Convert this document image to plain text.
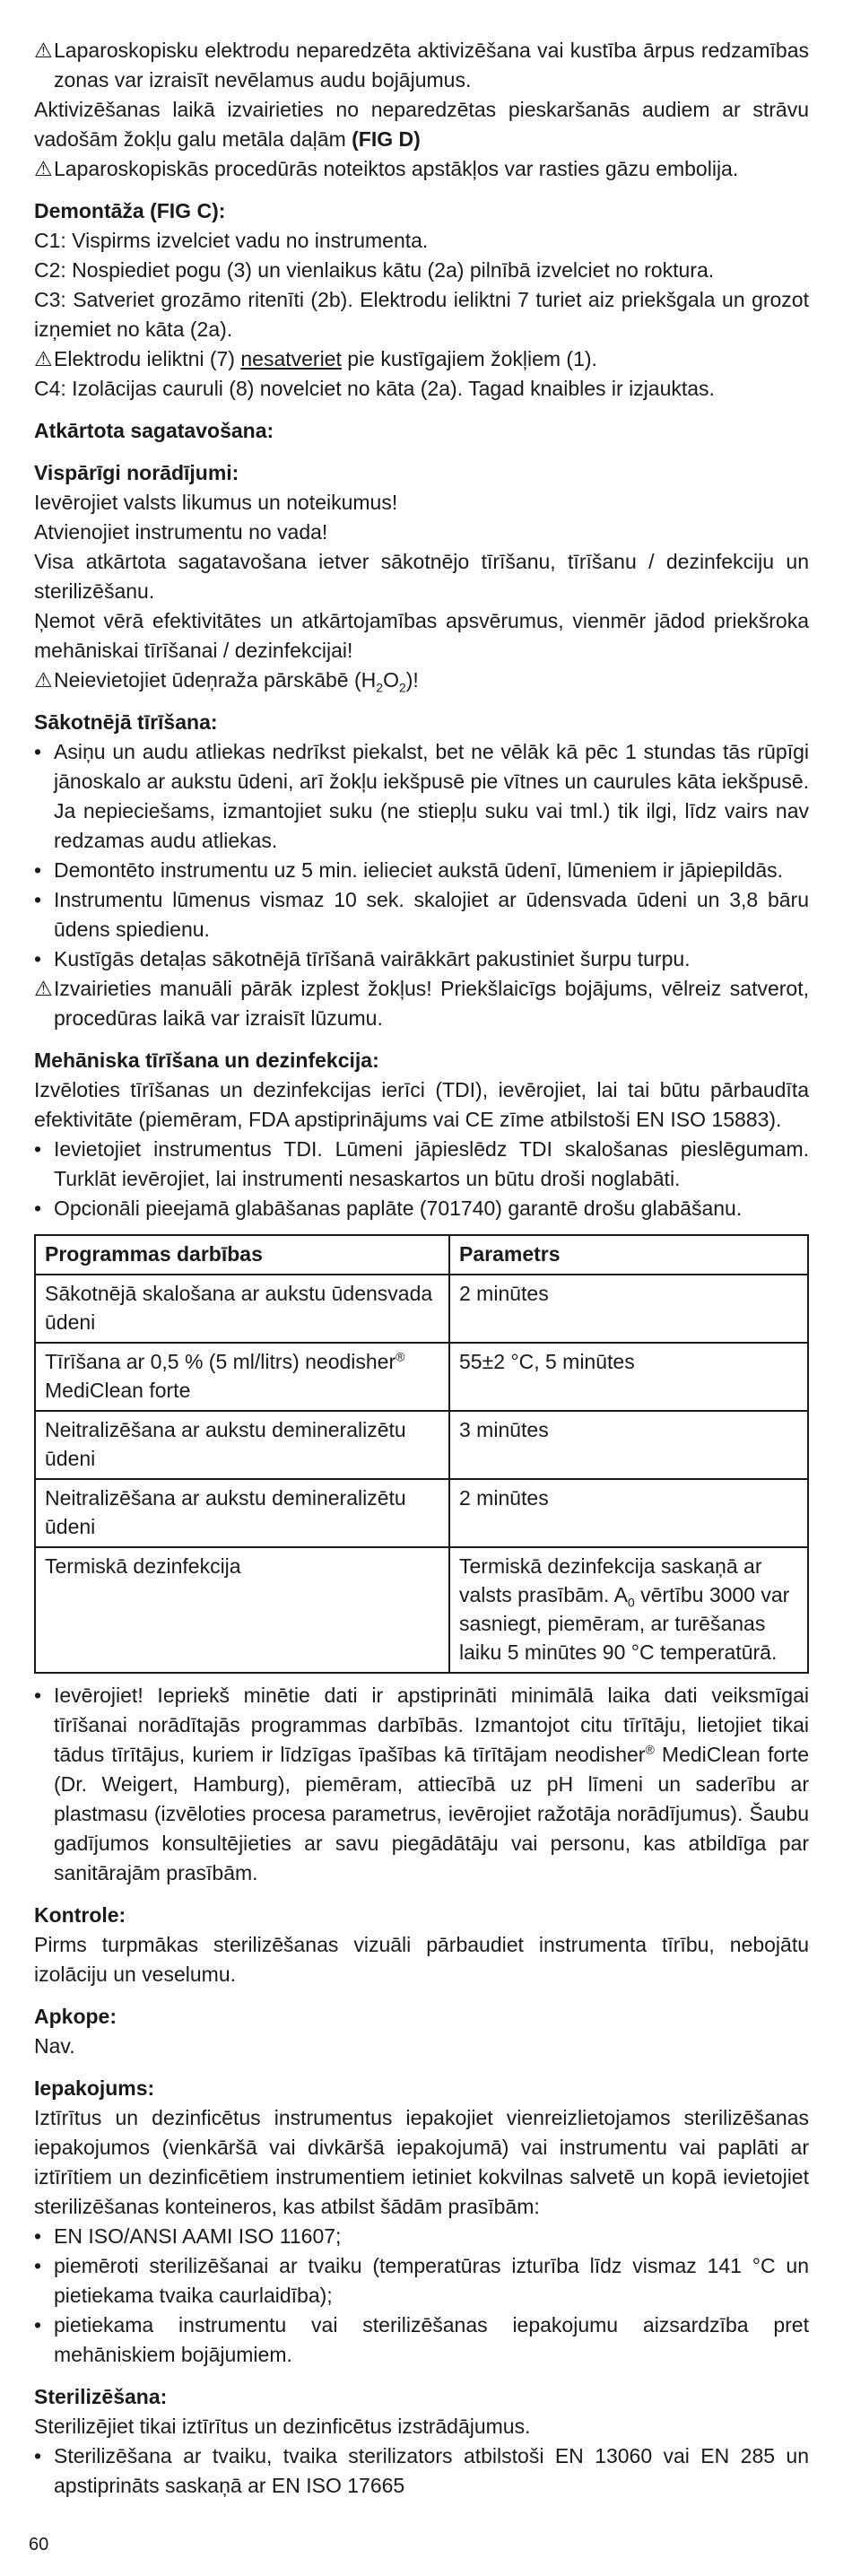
⚠Laparoskopisku elektrodu neparedzēta aktivizēšana vai kustība ārpus redzamības zonas var izraisīt nevēlamus audu bojājumus.

Aktivizēšanas laikā izvairieties no neparedzētas pieskaršanās audiem ar strāvu vadošām žokļu galu metāla daļām (FIG D)

⚠Laparoskopiskās procedūrās noteiktos apstākļos var rasties gāzu embolija.

Demontāža (FIG C):

C1: Vispirms izvelciet vadu no instrumenta.

C2: Nospiediet pogu (3) un vienlaikus kātu (2a) pilnībā izvelciet no roktura.

C3: Satveriet grozāmo ritenīti (2b). Elektrodu ieliktni 7 turiet aiz priekšgala un grozot izņemiet no kāta (2a).

⚠Elektrodu ieliktni (7) nesatveriet pie kustīgajiem žokļiem (1).

C4: Izolācijas cauruli (8) novelciet no kāta (2a). Tagad knaibles ir izjauktas.

Atkārtota sagatavošana:

Vispārīgi norādījumi:

Ievērojiet valsts likumus un noteikumus!

Atvienojiet instrumentu no vada!

Visa atkārtota sagatavošana ietver sākotnējo tīrīšanu, tīrīšanu / dezinfekciju un sterilizēšanu.

Ņemot vērā efektivitātes un atkārtojamības apsvērumus, vienmēr jādod priekšroka mehāniskai tīrīšanai / dezinfekcijai!

⚠Neievietojiet ūdeņraža pārskābē $(H_2O_2)$!

Sākotnējā tīrīšana:

• Asiņu un audu atliekas nedrīkst piekalst, bet ne vēlāk kā pēc 1 stundas tās rūpīgi jānoskalo ar aukstu ūdeni, arī žokļu iekšpusē pie vītnes un caurules kāta iekšpusē. Ja nepieciešams, izmantojiet suku (ne stiepļu suku vai tml.) tik ilgi, līdz vairs nav redzamas audu atliekas.

• Demontēto instrumentu uz 5 min. ielieciet aukstā ūdenī, lūmeniem ir jāpiepildās.

• Instrumentu lūmenus vismaz 10 sek. skalojiet ar ūdensvada ūdeni un 3,8 bāru ūdens spiedienu.

• Kustīgās detaļas sākotnējā tīrīšanā vairākkārt pakustiniet šurpu turpu.

⚠Izvairieties manuāli pārāk izplest žokļus! Priekšlaicīgs bojājums, vēlreiz satverot, procedūras laikā var izraisīt lūzumu.

Mehāniska tīrīšana un dezinfekcija:

Izvēloties tīrīšanas un dezinfekcijas ierīci (TDI), ievērojiet, lai tai būtu pārbaudīta efektivitāte (piemēram, FDA apstiprinājums vai CE zīme atbilstoši EN ISO 15883).

• Ievietojiet instrumentus TDI. Lūmeni jāpieslēdz TDI skalošanas pieslēgumam. Turklāt ievērojiet, lai instrumenti nesaskartos un būtu droši noglabāti.

• Opcionāli pieejamā glabāšanas paplāte (701740) garantē drošu glabāšanu.

Programmas darbības	Parametrs
Sākotnējā skalošana ar aukstu ūdensvada ūdeni	2 minūtes
Tīrīšana ar 0,5 % (5 ml/litrs) neodisher® MediClean forte	55±2 °C, 5 minūtes
Neitralizēšana ar aukstu demineralizētu ūdeni	3 minūtes
Neitralizēšana ar aukstu demineralizētu ūdeni	2 minūtes
Termiskā dezinfekcija	Termiskā dezinfekcija saskaņā ar valsts prasībām. $A_0$ vērtību 3000 var sasniegt, piemēram, ar turēšanas laiku 5 minūtes 90 °C temperatūrā.

• Ievērojiet! Iepriekš minētie dati ir apstiprināti minimālā laika dati veiksmīgai tīrīšanai norādītajās programmas darbībās. Izmantojot citu tīrītāju, lietojiet tikai tādus tīrītājus, kuriem ir līdzīgas īpašības kā tīrītājam neodisher® MediClean forte (Dr. Weigert, Hamburg), piemēram, attiecībā uz pH līmeni un saderību ar plastmasu (izvēloties procesa parametrus, ievērojiet ražotāja norādījumus). Šaubu gadījumos konsultējieties ar savu piegādātāju vai personu, kas atbildīga par sanitārajām prasībām.

Kontrole:

Pirms turpmākas sterilizēšanas vizuāli pārbaudiet instrumenta tīrību, nebojātu izolāciju un veselumu.

Apkope:

Nav.

Iepakojums:

Iztīrītus un dezinficētus instrumentus iepakojiet vienreizlietojamos sterilizēšanas iepakojumos (vienkāršā vai divkāršā iepakojumā) vai instrumentu vai paplāti ar iztīrītiem un dezinficētiem instrumentiem ietiniet kokvilnas salvetē un kopā ievietojiet sterilizēšanas konteineros, kas atbilst šādām prasībām:

• EN ISO/ANSI AAMI ISO 11607;

• piemēroti sterilizēšanai ar tvaiku (temperatūras izturība līdz vismaz 141 °C un pietiekama tvaika caurlaidība);

• pietiekama instrumentu vai sterilizēšanas iepakojumu aizsardzība pret mehāniskiem bojājumiem.

Sterilizēšana:

Sterilizējiet tikai iztīrītus un dezinficētus izstrādājumus.

• Sterilizēšana ar tvaiku, tvaika sterilizators atbilstoši EN 13060 vai EN 285 un apstiprināts saskaņā ar EN ISO 17665

60
